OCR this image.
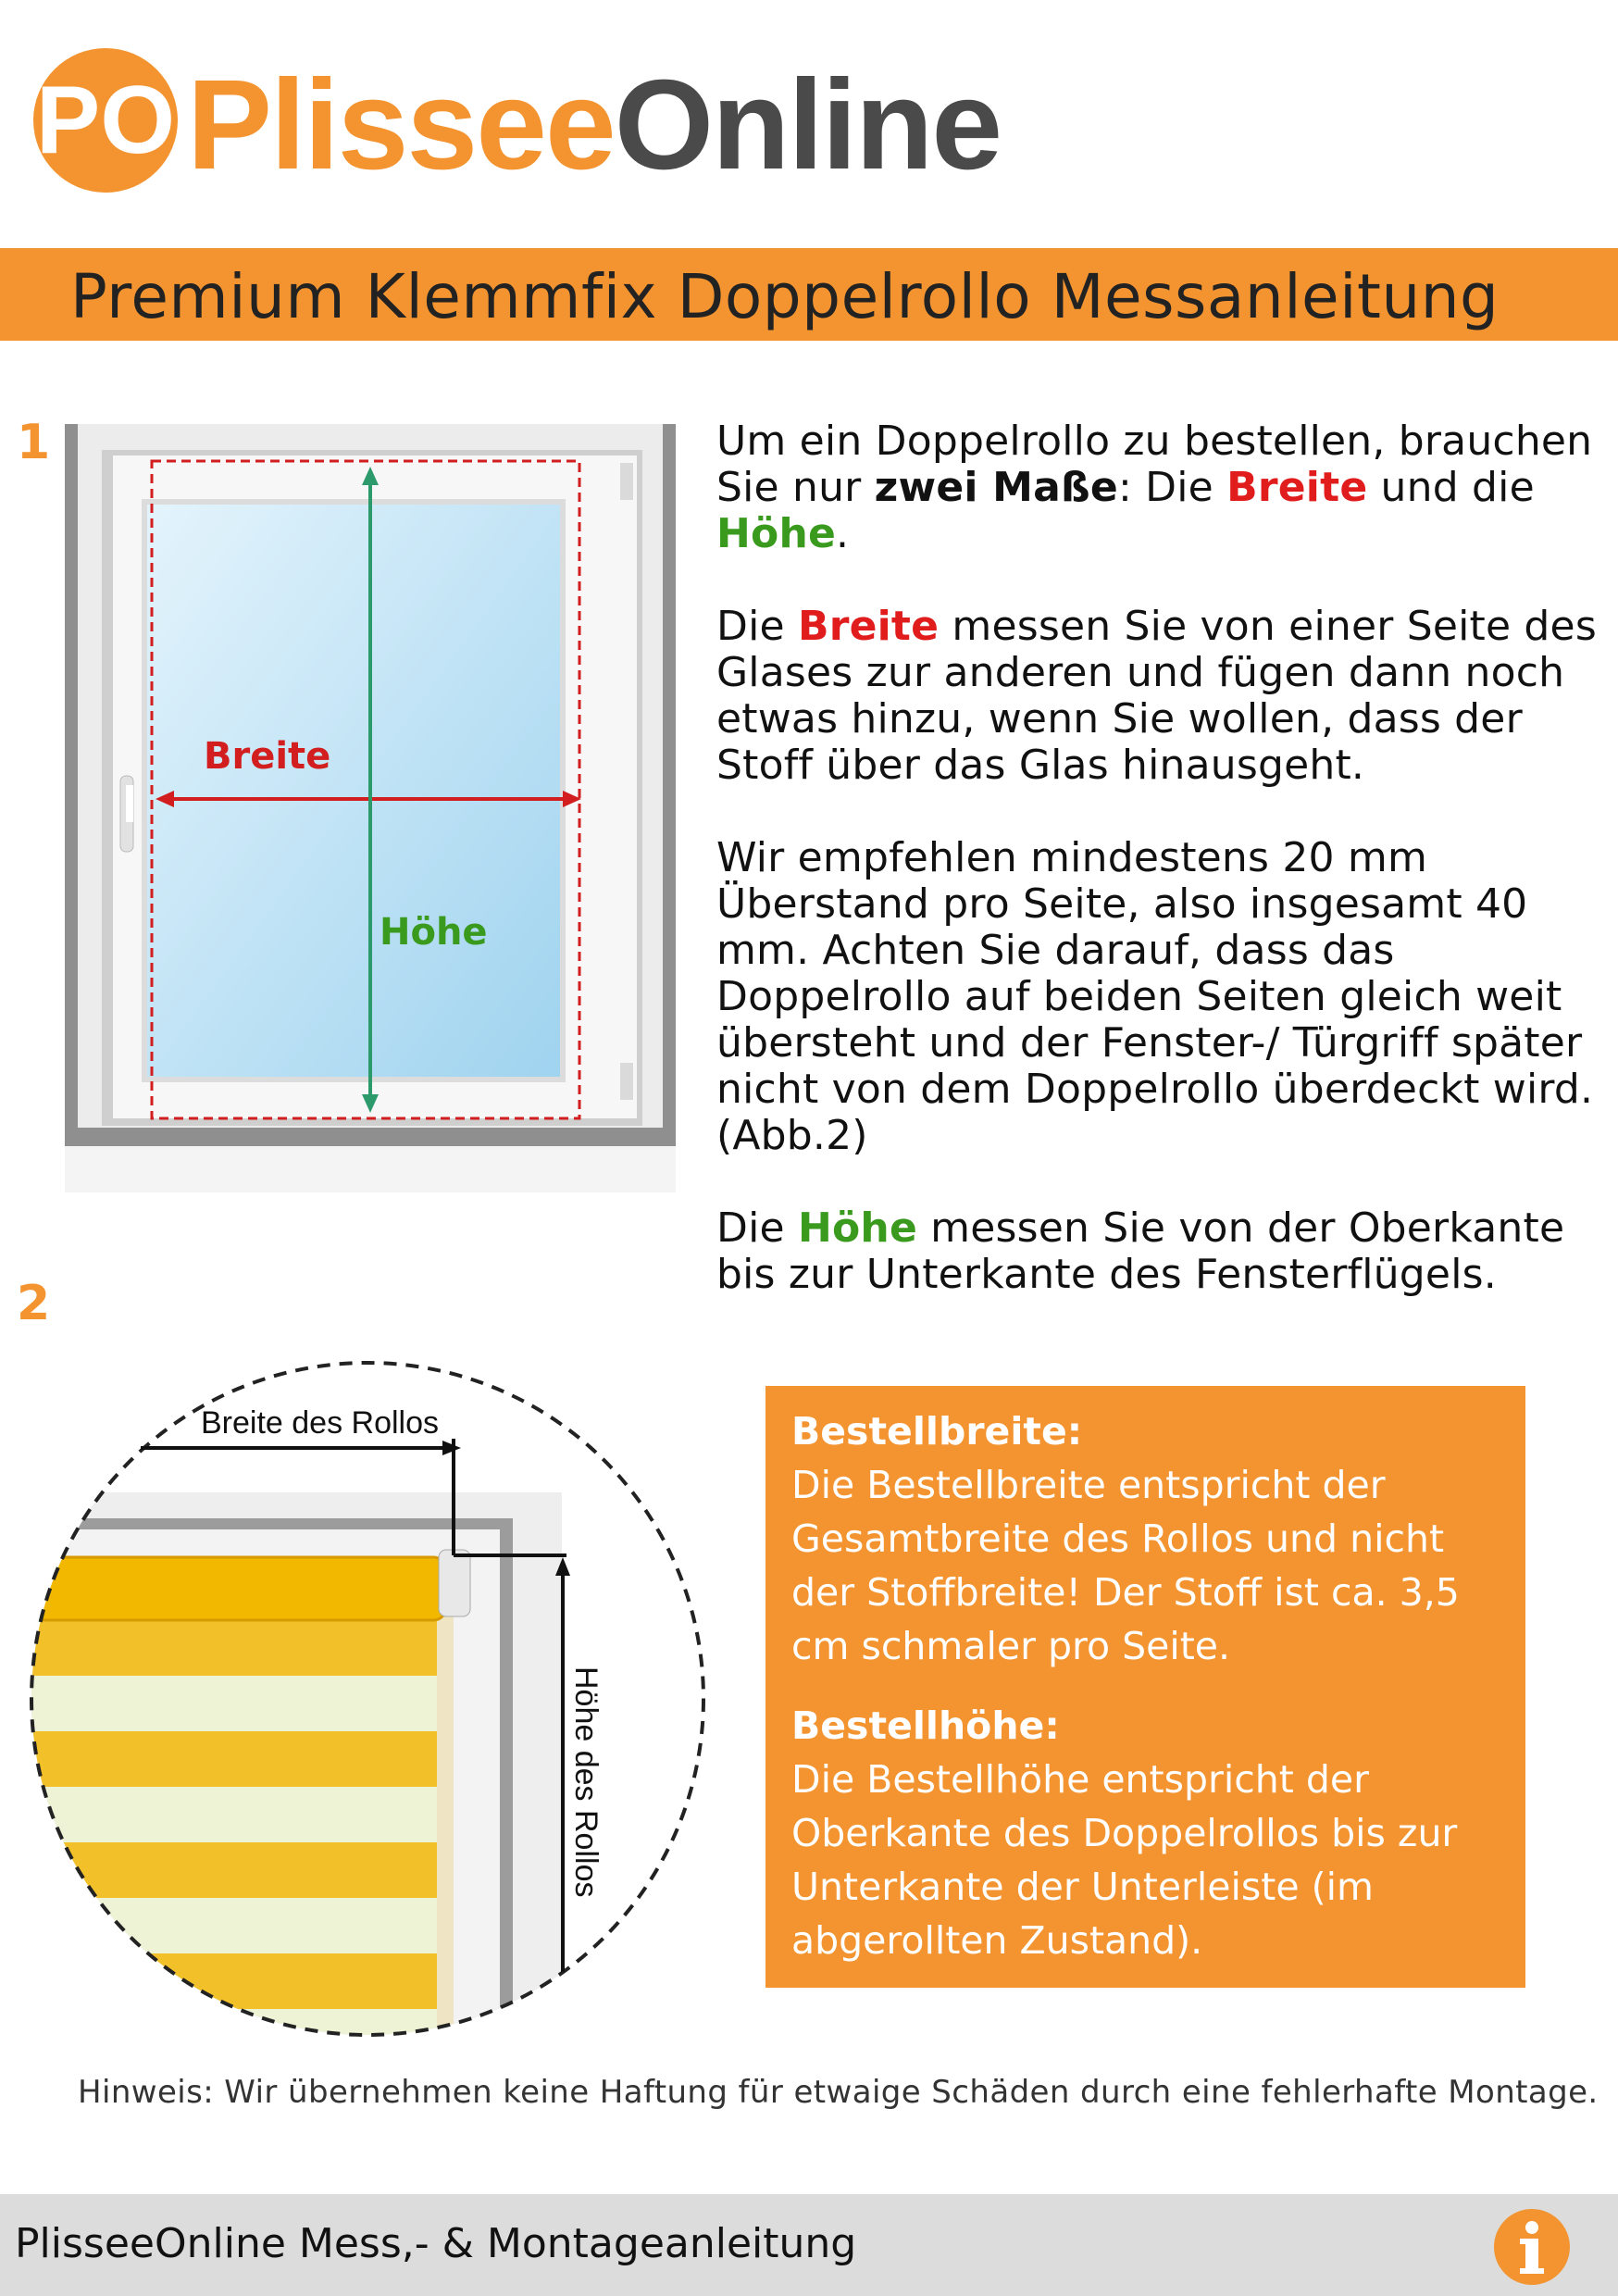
PO PlisseeOnline
Premium Klemmfix Doppelrollo Messanleitung
1
2
Breite
Höhe
Breite des Rollos
Höhe des Rollos

Um ein Doppelrollo zu bestellen, brauchen Sie nur zwei Maße: Die Breite und die Höhe.

Die Breite messen Sie von einer Seite des Glases zur anderen und fügen dann noch etwas hinzu, wenn Sie wollen, dass der Stoff über das Glas hinausgeht.

Wir empfehlen mindestens 20 mm Überstand pro Seite, also insgesamt 40 mm. Achten Sie darauf, dass das Doppelrollo auf beiden Seiten gleich weit übersteht und der Fenster-/ Türgriff später nicht von dem Doppelrollo überdeckt wird. (Abb.2)

Die Höhe messen Sie von der Oberkante bis zur Unterkante des Fensterflügels.

Bestellbreite:
Die Bestellbreite entspricht der Gesamtbreite des Rollos und nicht der Stoffbreite! Der Stoff ist ca. 3,5 cm schmaler pro Seite.
Bestellhöhe:
Die Bestellhöhe entspricht der Oberkante des Doppelrollos bis zur Unterkante der Unterleiste (im abgerollten Zustand).
Hinweis: Wir übernehmen keine Haftung für etwaige Schäden durch eine fehlerhafte Montage.
PlisseeOnline Mess,- & Montageanleitung
